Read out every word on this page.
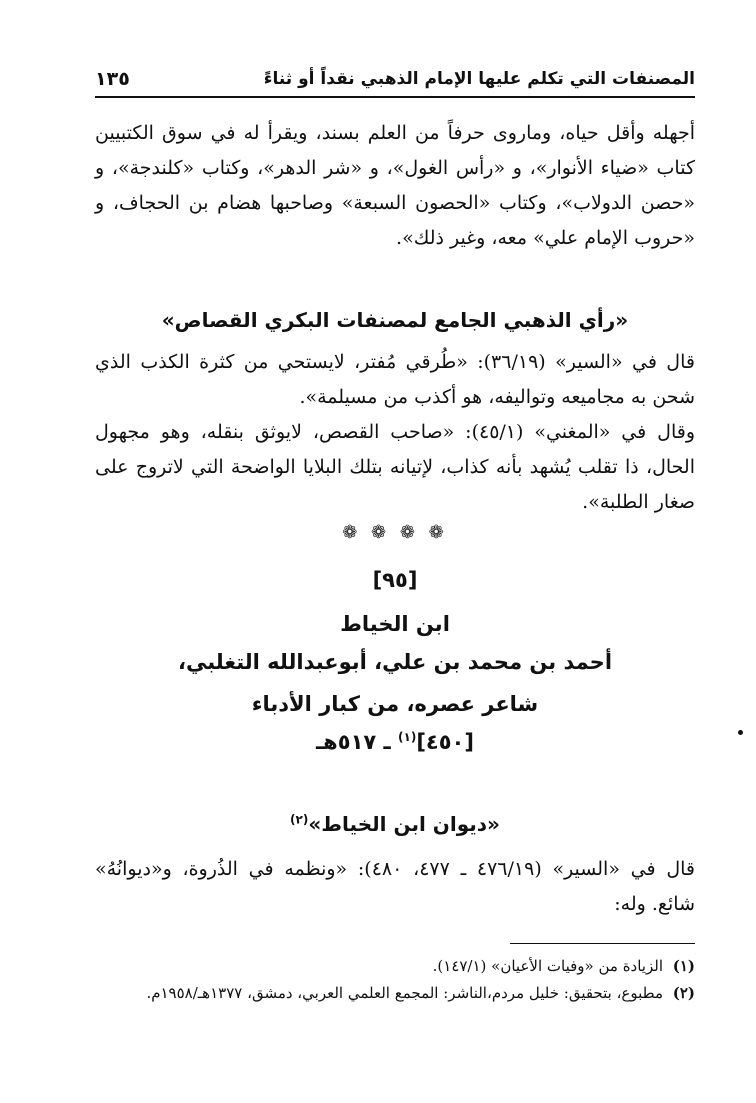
المصنفات التي تكلم عليها الإمام الذهبي نقداً أو ثناءً
١٣٥
أجهله وأقل حياه، وماروى حرفاً من العلم بسند، ويقرأ له في سوق الكتبيين كتاب «ضياء الأنوار»، و «رأس الغول»، و «شر الدهر»، وكتاب «كلندجة»، و «حصن الدولاب»، وكتاب «الحصون السبعة» وصاحبها هضام بن الحجاف، و «حروب الإمام علي» معه، وغير ذلك».
«رأي الذهبي الجامع لمصنفات البكري القصاص»
قال في «السير» (٣٦/١٩): «طُرقي مُفتر، لايستحي من كثرة الكذب الذي شحن به مجاميعه وتواليفه، هو أكذب من مسيلمة».
وقال في «المغني» (٤٥/١): «صاحب القصص، لايوثق بنقله، وهو مجهول الحال، ذا تقلب يُشهد بأنه كذاب، لإتيانه بتلك البلايا الواضحة التي لاتروج على صغار الطلبة».
❁ ❁ ❁ ❁
[٩٥]
ابن الخياط
أحمد بن محمد بن علي، أبوعبدالله التغلبي،
شاعر عصره، من كبار الأدباء
[٤٥٠]$^{(١)}$ ـ ٥١٧هـ
«ديوان ابن الخياط»$^{(٢)}$
قال في «السير» (٤٧٦/١٩ ـ ٤٧٧، ٤٨٠): «ونظمه في الذُروة، و«ديوانُهُ» شائع. وله:
(١)
الزيادة من «وفيات الأعيان» (١٤٧/١).
(٢)
مطبوع، بتحقيق: خليل مردم،الناشر: المجمع العلمي العربي، دمشق، ١٣٧٧هـ/١٩٥٨م.
